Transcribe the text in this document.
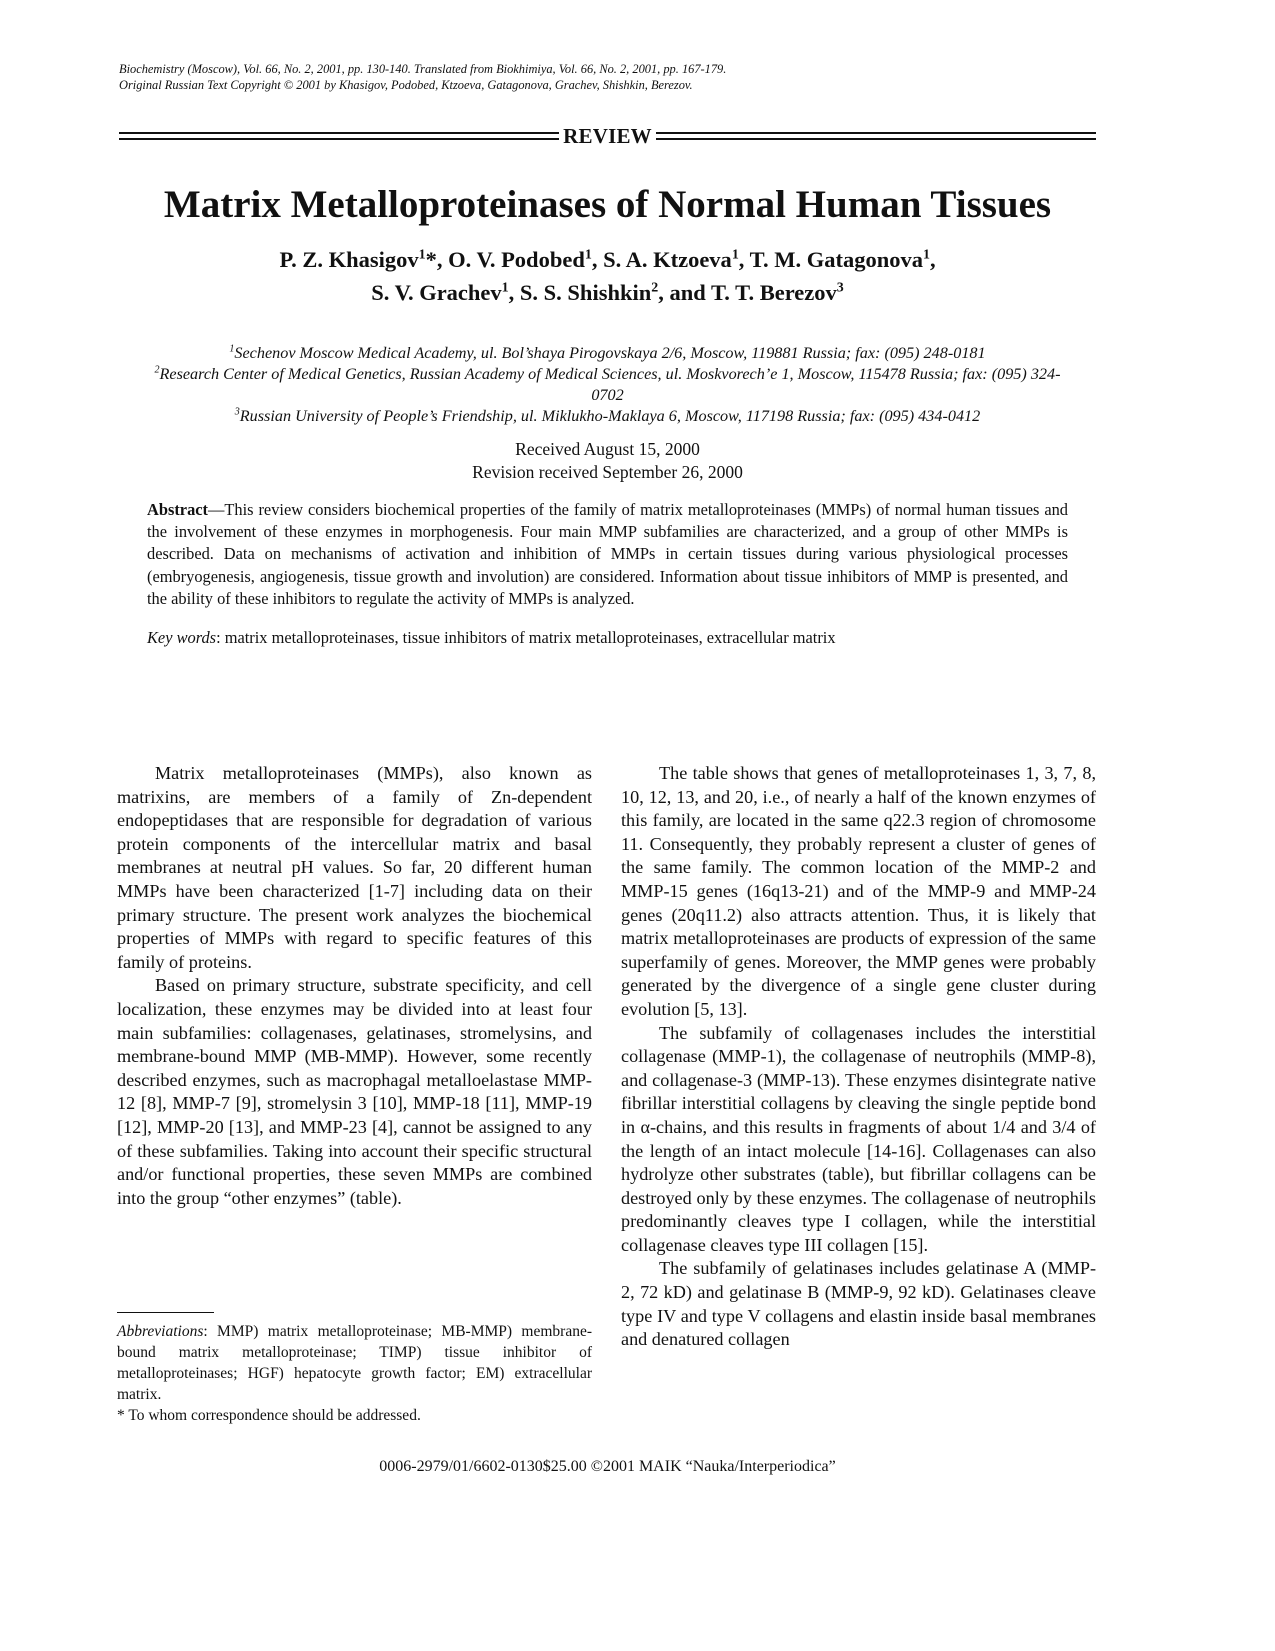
Biochemistry (Moscow), Vol. 66, No. 2, 2001, pp. 130-140. Translated from Biokhimiya, Vol. 66, No. 2, 2001, pp. 167-179.
Original Russian Text Copyright © 2001 by Khasigov, Podobed, Ktzoeva, Gatagonova, Grachev, Shishkin, Berezov.
REVIEW
Matrix Metalloproteinases of Normal Human Tissues
P. Z. Khasigov$^1$*, O. V. Podobed$^1$, S. A. Ktzoeva$^1$, T. M. Gatagonova$^1$,
S. V. Grachev$^1$, S. S. Shishkin$^2$, and T. T. Berezov$^3$
$^1$Sechenov Moscow Medical Academy, ul. Bol’shaya Pirogovskaya 2/6, Moscow, 119881 Russia; fax: (095) 248-0181
$^2$Research Center of Medical Genetics, Russian Academy of Medical Sciences, ul. Moskvorech’e 1, Moscow, 115478 Russia; fax: (095) 324-0702
$^3$Russian University of People’s Friendship, ul. Miklukho-Maklaya 6, Moscow, 117198 Russia; fax: (095) 434-0412
Received August 15, 2000
Revision received September 26, 2000
Abstract—This review considers biochemical properties of the family of matrix metalloproteinases (MMPs) of normal human tissues and the involvement of these enzymes in morphogenesis. Four main MMP subfamilies are characterized, and a group of other MMPs is described. Data on mechanisms of activation and inhibition of MMPs in certain tissues during various physiological processes (embryogenesis, angiogenesis, tissue growth and involution) are considered. Information about tissue inhibitors of MMP is presented, and the ability of these inhibitors to regulate the activity of MMPs is analyzed.
Key words: matrix metalloproteinases, tissue inhibitors of matrix metalloproteinases, extracellular matrix

Matrix metalloproteinases (MMPs), also known as matrixins, are members of a family of Zn-dependent endopeptidases that are responsible for degradation of various protein components of the intercellular matrix and basal membranes at neutral pH values. So far, 20 different human MMPs have been characterized [1-7] including data on their primary structure. The present work analyzes the biochemical properties of MMPs with regard to specific features of this family of proteins.

Based on primary structure, substrate specificity, and cell localization, these enzymes may be divided into at least four main subfamilies: collagenases, gelatinases, stromelysins, and membrane-bound MMP (MB-MMP). However, some recently described enzymes, such as macrophagal metalloelastase MMP-12 [8], MMP-7 [9], stromelysin 3 [10], MMP-18 [11], MMP-19 [12], MMP-20 [13], and MMP-23 [4], cannot be assigned to any of these subfamilies. Taking into account their specific structural and/or functional properties, these seven MMPs are combined into the group “other enzymes” (table).

Abbreviations: MMP) matrix metalloproteinase; MB-MMP) membrane-bound matrix metalloproteinase; TIMP) tissue inhibitor of metalloproteinases; HGF) hepatocyte growth factor; EM) extracellular matrix.

* To whom correspondence should be addressed.

The table shows that genes of metalloproteinases 1, 3, 7, 8, 10, 12, 13, and 20, i.e., of nearly a half of the known enzymes of this family, are located in the same q22.3 region of chromosome 11. Consequently, they probably represent a cluster of genes of the same family. The common location of the MMP-2 and MMP-15 genes (16q13-21) and of the MMP-9 and MMP-24 genes (20q11.2) also attracts attention. Thus, it is likely that matrix metalloproteinases are products of expression of the same superfamily of genes. Moreover, the MMP genes were probably generated by the divergence of a single gene cluster during evolution [5, 13].

The subfamily of collagenases includes the interstitial collagenase (MMP-1), the collagenase of neutrophils (MMP-8), and collagenase-3 (MMP-13). These enzymes disintegrate native fibrillar interstitial collagens by cleaving the single peptide bond in α-chains, and this results in fragments of about 1/4 and 3/4 of the length of an intact molecule [14-16]. Collagenases can also hydrolyze other substrates (table), but fibrillar collagens can be destroyed only by these enzymes. The collagenase of neutrophils predominantly cleaves type I collagen, while the interstitial collagenase cleaves type III collagen [15].

The subfamily of gelatinases includes gelatinase A (MMP-2, 72 kD) and gelatinase B (MMP-9, 92 kD). Gelatinases cleave type IV and type V collagens and elastin inside basal membranes and denatured collagen

0006-2979/01/6602-0130$25.00 ©2001 MAIK “Nauka/Interperiodica”
